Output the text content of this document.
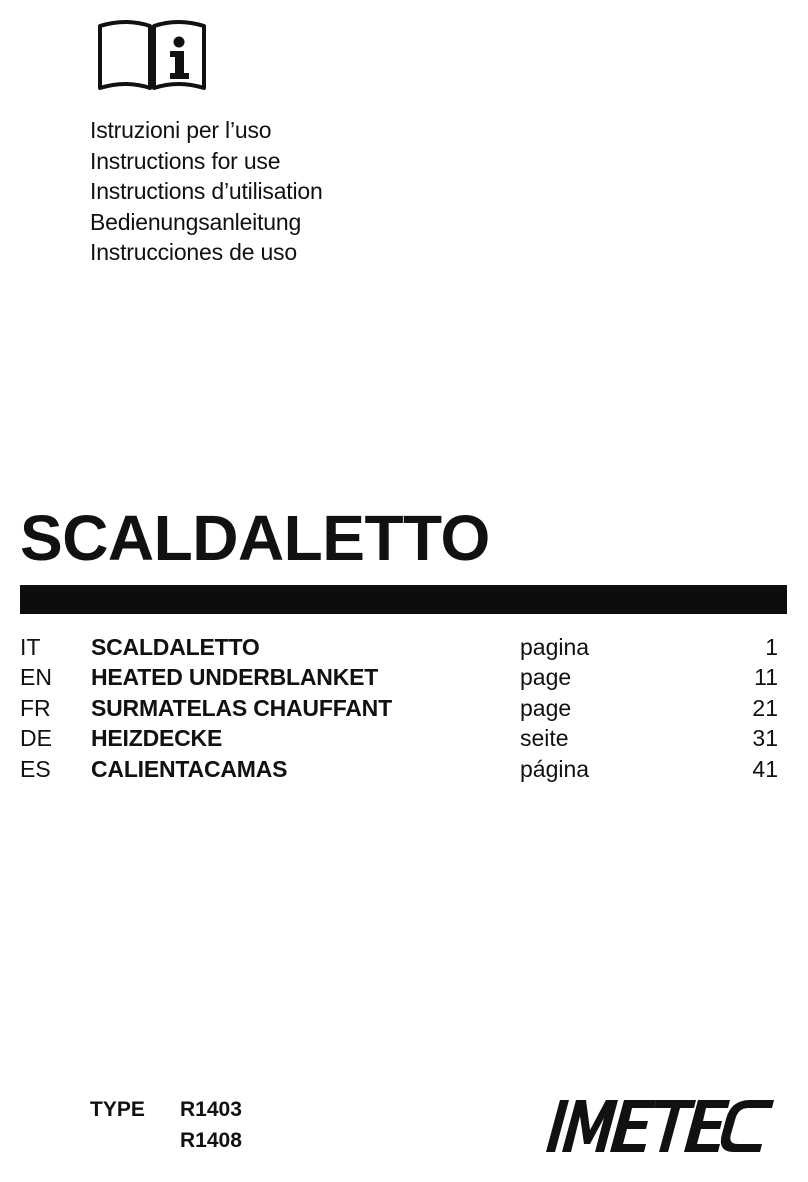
Istruzioni per l’uso
Instructions for use
Instructions d’utilisation
Bedienungsanleitung
Instrucciones de uso
SCALDALETTO
IT SCALDALETTO	pagina	1
EN HEATED UNDERBLANKET	page	11
FR SURMATELAS CHAUFFANT	page	21
DE HEIZDECKE	seite	31
ES CALIENTACAMAS	página	41
TYPE R1403
R1408
